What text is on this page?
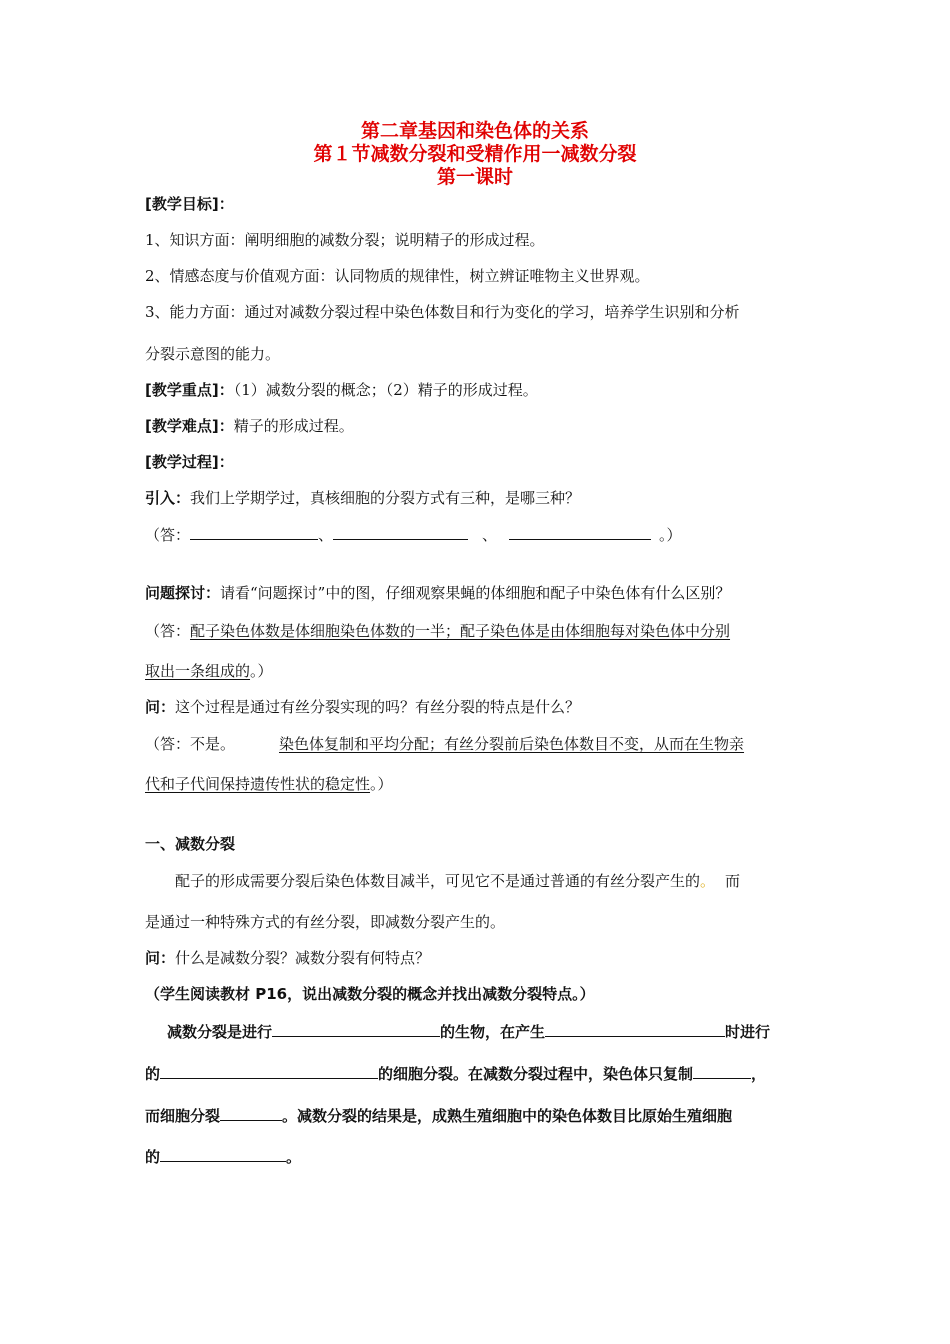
第二章基因和染色体的关系
第１节减数分裂和受精作用一减数分裂
第一课时
[教学目标]：
1、知识方面：阐明细胞的减数分裂；说明精子的形成过程。
2、情感态度与价值观方面：认同物质的规律性，树立辨证唯物主义世界观。
3、能力方面：通过对减数分裂过程中染色体数目和行为变化的学习，培养学生识别和分析
分裂示意图的能力。
[教学重点]：（1）减数分裂的概念；（2）精子的形成过程。
[教学难点]：精子的形成过程。
[教学过程]：
引入：我们上学期学过，真核细胞的分裂方式有三种，是哪三种？
（答：	、	、	。）
问题探讨：请看“问题探讨”中的图，仔细观察果蝇的体细胞和配子中染色体有什么区别？
（答：配子染色体数是体细胞染色体数的一半；配子染色体是由体细胞每对染色体中分别
取出一条组成的。）
问：这个过程是通过有丝分裂实现的吗？有丝分裂的特点是什么？
（答：不是。	染色体复制和平均分配；有丝分裂前后染色体数目不变，从而在生物亲
代和子代间保持遗传性状的稳定性。）
一、减数分裂
配子的形成需要分裂后染色体数目减半，可见它不是通过普通的有丝分裂产生的。 而
是通过一种特殊方式的有丝分裂，即减数分裂产生的。
问：什么是减数分裂？减数分裂有何特点？
（学生阅读教材 P16，说出减数分裂的概念并找出减数分裂特点。）
减数分裂是进行	的生物，在产生	时进行
的	的细胞分裂。在减数分裂过程中，染色体只复制	，
而细胞分裂	。减数分裂的结果是，成熟生殖细胞中的染色体数目比原始生殖细胞
的	。
